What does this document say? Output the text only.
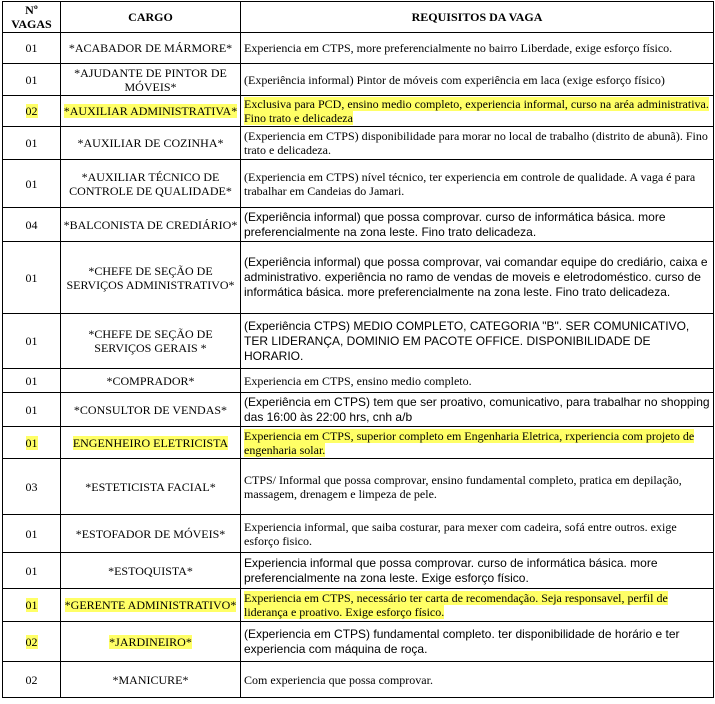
Nº VAGAS	CARGO	REQUISITOS DA VAGA
01	*ACABADOR DE MÁRMORE*	Experiencia em CTPS, more preferencialmente no bairro Liberdade, exige esforço físico.
01	*AJUDANTE DE PINTOR DE MÓVEIS*	(Experiência informal) Pintor de móveis com experiência em laca (exige esforço físico)
02	*AUXILIAR ADMINISTRATIVA*	Exclusiva para PCD, ensino medio completo, experiencia informal, curso na aréa administrativa. Fino trato e delicadeza
01	*AUXILIAR DE COZINHA*	(Experiencia em CTPS) disponibilidade para morar no local de trabalho (distrito de abunã). Fino trato e delicadeza.
01	*AUXILIAR TÉCNICO DE CONTROLE DE QUALIDADE*	(Experiencia em CTPS) nível técnico, ter experiencia em controle de qualidade. A vaga é para trabalhar em Candeias do Jamari.
04	*BALCONISTA DE CREDIÁRIO*	(Experiência informal) que possa comprovar. curso de informática básica. more preferencialmente na zona leste. Fino trato delicadeza.
01	*CHEFE DE SEÇÃO DE SERVIÇOS ADMINISTRATIVO*	(Experiência informal) que possa comprovar, vai comandar equipe do crediário, caixa e administrativo. experiência no ramo de vendas de moveis e eletrodoméstico. curso de informática básica. more preferencialmente na zona leste. Fino trato delicadeza.
01	*CHEFE DE SEÇÃO DE SERVIÇOS GERAIS *	(Experiência CTPS) MEDIO COMPLETO, CATEGORIA "B". SER COMUNICATIVO, TER LIDERANÇA, DOMINIO EM PACOTE OFFICE. DISPONIBILIDADE DE HORARIO.
01	*COMPRADOR*	Experiencia em CTPS, ensino medio completo.
01	*CONSULTOR DE VENDAS*	(Experiência em CTPS) tem que ser proativo, comunicativo, para trabalhar no shopping das 16:00 às 22:00 hrs, cnh a/b
01	ENGENHEIRO ELETRICISTA	Experiencia em CTPS, superior completo em Engenharia Eletrica, rxperiencia com projeto de engenharia solar.
03	*ESTETICISTA FACIAL*	CTPS/ Informal que possa comprovar, ensino fundamental completo, pratica em depilação, massagem, drenagem e limpeza de pele.
01	*ESTOFADOR DE MÓVEIS*	Experiencia informal, que saiba costurar, para mexer com cadeira, sofá entre outros. exige esforço fisico.
01	*ESTOQUISTA*	Experiencia informal que possa comprovar. curso de informática básica. more preferencialmente na zona leste. Exige esforço físico.
01	*GERENTE ADMINISTRATIVO*	Experiencia em CTPS, necessário ter carta de recomendação. Seja responsavel, perfil de liderança e proativo. Exige esforço físico.
02	*JARDINEIRO*	(Experiencia em CTPS) fundamental completo. ter disponibilidade de horário e ter experiencia com máquina de roça.
02	*MANICURE*	Com experiencia que possa comprovar.
